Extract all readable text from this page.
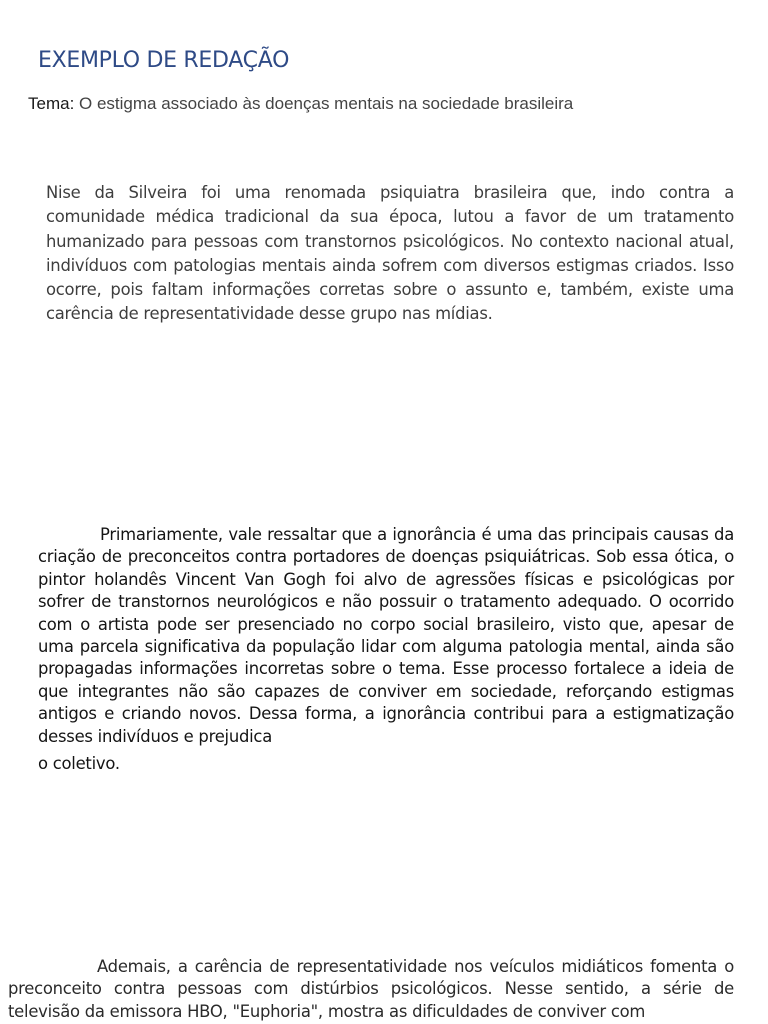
EXEMPLO DE REDAÇÃO
Tema: O estigma associado às doenças mentais na sociedade brasileira

Nise da Silveira foi uma renomada psiquiatra brasileira que, indo contra a comunidade médica tradicional da sua época, lutou a favor de um tratamento humanizado para pessoas com transtornos psicológicos. No contexto nacional atual, indivíduos com patologias mentais ainda sofrem com diversos estigmas criados. Isso ocorre, pois faltam informações corretas sobre o assunto e, também, existe uma carência de representatividade desse grupo nas mídias.

Primariamente, vale ressaltar que a ignorância é uma das principais causas da criação de preconceitos contra portadores de doenças psiquiátricas. Sob essa ótica, o pintor holandês Vincent Van Gogh foi alvo de agressões físicas e psicológicas por sofrer de transtornos neurológicos e não possuir o tratamento adequado. O ocorrido com o artista pode ser presenciado no corpo social brasileiro, visto que, apesar de uma parcela significativa da população lidar com alguma patologia mental, ainda são propagadas informações incorretas sobre o tema. Esse processo fortalece a ideia de que integrantes não são capazes de conviver em sociedade, reforçando estigmas antigos e criando novos. Dessa forma, a ignorância contribui para a estigmatização desses indivíduos e prejudica

o coletivo.

Ademais, a carência de representatividade nos veículos midiáticos fomenta o preconceito contra pessoas com distúrbios psicológicos. Nesse sentido, a série de televisão da emissora HBO, "Euphoria", mostra as dificuldades de conviver com
